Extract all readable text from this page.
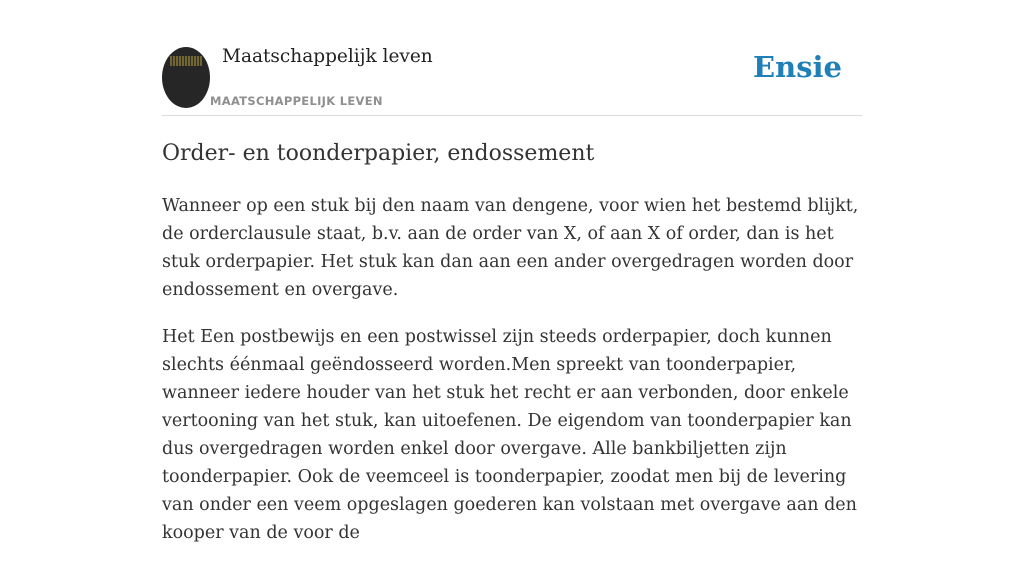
Maatschappelijk leven
MAATSCHAPPELIJK LEVEN
Ensie
Order- en toonderpapier, endossement

Wanneer op een stuk bij den naam van dengene, voor wien het bestemd blijkt, de orderclausule staat, b.v. aan de order van X, of aan X of order, dan is het stuk orderpapier. Het stuk kan dan aan een ander overgedragen worden door endossement en overgave.

Het Een postbewijs en een postwissel zijn steeds orderpapier, doch kunnen slechts éénmaal geëndosseerd worden.Men spreekt van toonderpapier, wanneer iedere houder van het stuk het recht er aan verbonden, door enkele vertooning van het stuk, kan uitoefenen. De eigendom van toonderpapier kan dus overgedragen worden enkel door overgave. Alle bankbiljetten zijn toonderpapier. Ook de veemceel is toonderpapier, zoodat men bij de levering van onder een veem opgeslagen goederen kan volstaan met overgave aan den kooper van de voor de
